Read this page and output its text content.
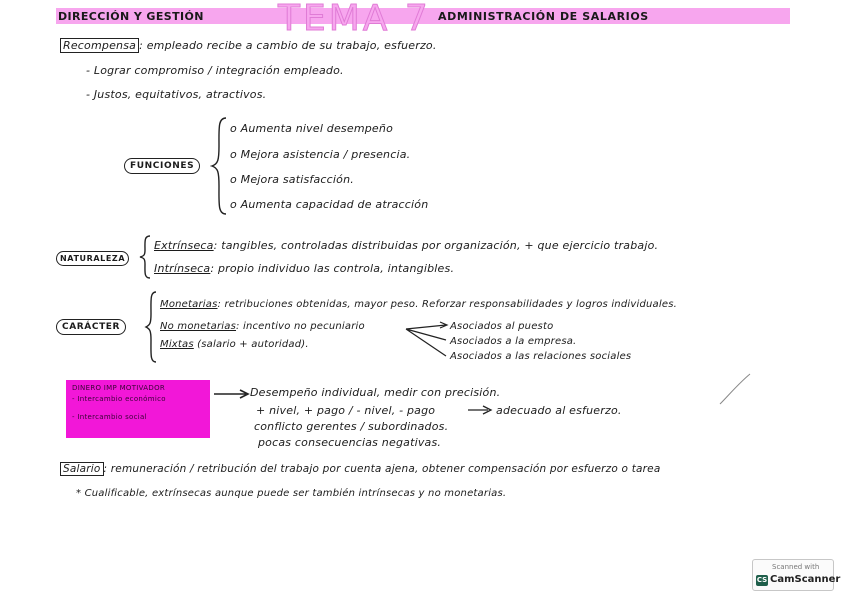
DIRECCIÓN Y GESTIÓN TEMA 7 ADMINISTRACIÓN DE SALARIOS
Recompensa : empleado recibe a cambio de su trabajo, esfuerzo.
- Lograr compromiso / integración empleado.
- Justos, equitativos, atractivos.
FUNCIONES
o Aumenta nivel desempeño
o Mejora asistencia / presencia.
o Mejora satisfacción.
o Aumenta capacidad de atracción
NATURALEZA
Extrínseca: tangibles, controladas distribuidas por organización, + que ejercicio trabajo.
Intrínseca: propio individuo las controla, intangibles.
CARÁCTER
Monetarias: retribuciones obtenidas, mayor peso. Reforzar responsabilidades y logros individuales.
No monetarias: incentivo no pecuniario
Mixtas (salario + autoridad).
Asociados al puesto
Asociados a la empresa.
Asociados a las relaciones sociales
DINERO IMP MOTIVADOR
- Intercambio económico
- Intercambio social
Desempeño individual, medir con precisión.
+ nivel, + pago / - nivel, - pago	adecuado al esfuerzo.
conflicto gerentes / subordinados.
pocas consecuencias negativas.
Salario : remuneración / retribución del trabajo por cuenta ajena, obtener compensación por esfuerzo o tarea
* Cualificable, extrínsecas aunque puede ser también intrínsecas y no monetarias.
Scanned with
CS CamScanner
